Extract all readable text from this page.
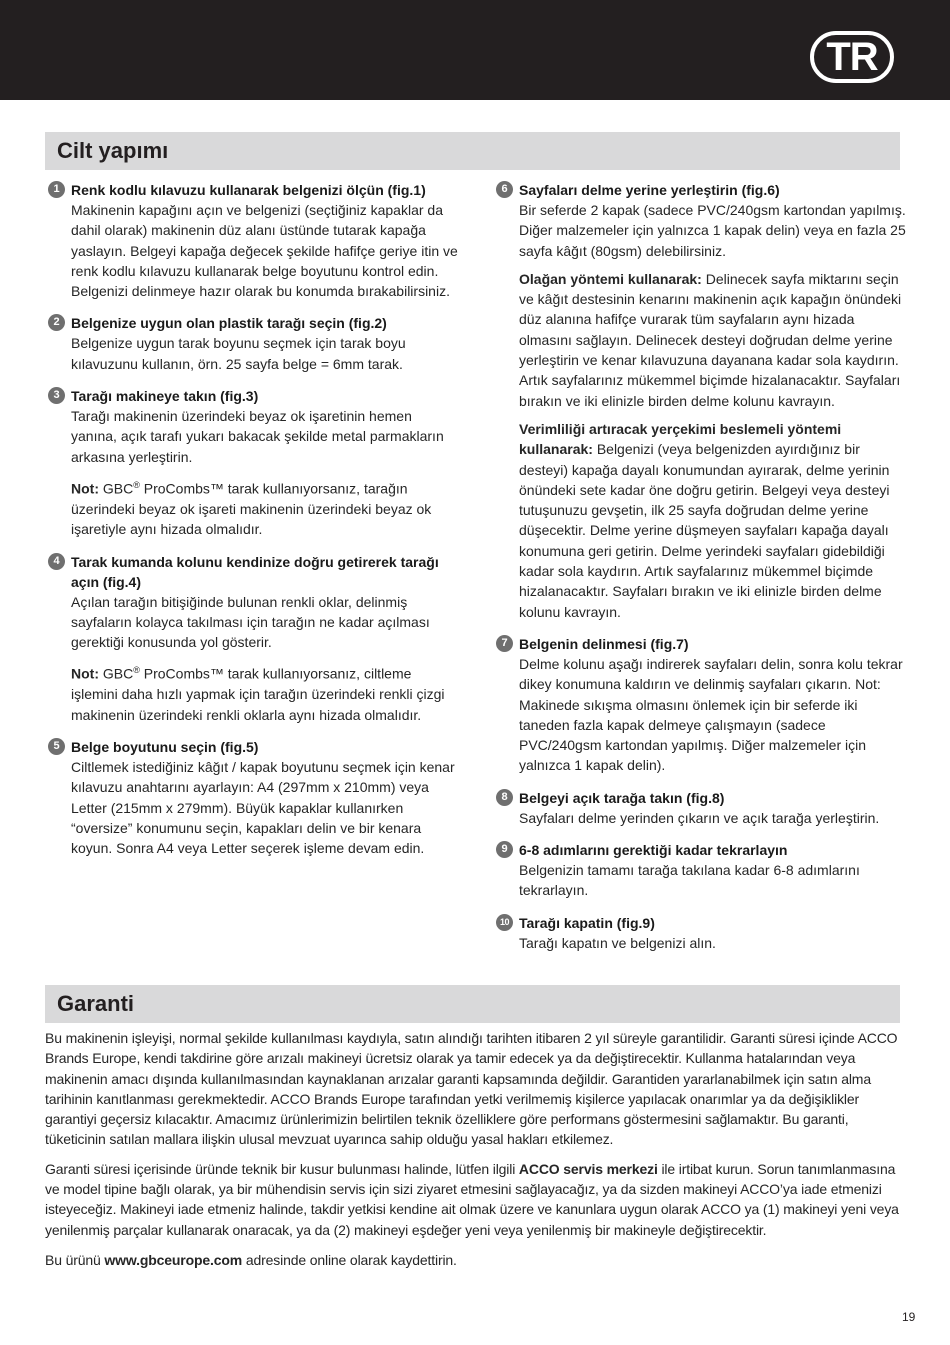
TR
Cilt yapımı
1 Renk kodlu kılavuzu kullanarak belgenizi ölçün (fig.1)
Makinenin kapağını açın ve belgenizi (seçtiğiniz kapaklar da dahil olarak) makinenin düz alanı üstünde tutarak kapağa yaslayın. Belgeyi kapağa değecek şekilde hafifçe geriye itin ve renk kodlu kılavuzu kullanarak belge boyutunu kontrol edin. Belgenizi delinmeye hazır olarak bu konumda bırakabilirsiniz.
2 Belgenize uygun olan plastik tarağı seçin (fig.2)
Belgenize uygun tarak boyunu seçmek için tarak boyu kılavuzunu kullanın, örn. 25 sayfa belge = 6mm tarak.
3 Tarağı makineye takın (fig.3)
Tarağı makinenin üzerindeki beyaz ok işaretinin hemen yanına, açık tarafı yukarı bakacak şekilde metal parmakların arkasına yerleştirin.
Not: GBC® ProCombs™ tarak kullanıyorsanız, tarağın üzerindeki beyaz ok işareti makinenin üzerindeki beyaz ok işaretiyle aynı hizada olmalıdır.
4 Tarak kumanda kolunu kendinize doğru getirerek tarağı açın (fig.4)
Açılan tarağın bitişiğinde bulunan renkli oklar, delinmiş sayfaların kolayca takılması için tarağın ne kadar açılması gerektiği konusunda yol gösterir.
Not: GBC® ProCombs™ tarak kullanıyorsanız, ciltleme işlemini daha hızlı yapmak için tarağın üzerindeki renkli çizgi makinenin üzerindeki renkli oklarla aynı hizada olmalıdır.
5 Belge boyutunu seçin (fig.5)
Ciltlemek istediğiniz kâğıt / kapak boyutunu seçmek için kenar kılavuzu anahtarını ayarlayın: A4 (297mm x 210mm) veya Letter (215mm x 279mm). Büyük kapaklar kullanırken “oversize” konumunu seçin, kapakları delin ve bir kenara koyun. Sonra A4 veya Letter seçerek işleme devam edin.
6 Sayfaları delme yerine yerleştirin (fig.6)
Bir seferde 2 kapak (sadece PVC/240gsm kartondan yapılmış. Diğer malzemeler için yalnızca 1 kapak delin) veya en fazla 25 sayfa kâğıt (80gsm) delebilirsiniz.
Olağan yöntemi kullanarak: Delinecek sayfa miktarını seçin ve kâğıt destesinin kenarını makinenin açık kapağın önündeki düz alanına hafifçe vurarak tüm sayfaların aynı hizada olmasını sağlayın. Delinecek desteyi doğrudan delme yerine yerleştirin ve kenar kılavuzuna dayanana kadar sola kaydırın. Artık sayfalarınız mükemmel biçimde hizalanacaktır. Sayfaları bırakın ve iki elinizle birden delme kolunu kavrayın.
Verimliliği artıracak yerçekimi beslemeli yöntemi kullanarak: Belgenizi (veya belgenizden ayırdığınız bir desteyi) kapağa dayalı konumundan ayırarak, delme yerinin önündeki sete kadar öne doğru getirin. Belgeyi veya desteyi tutuşunuzu gevşetin, ilk 25 sayfa doğrudan delme yerine düşecektir. Delme yerine düşmeyen sayfaları kapağa dayalı konumuna geri getirin. Delme yerindeki sayfaları gidebildiği kadar sola kaydırın. Artık sayfalarınız mükemmel biçimde hizalanacaktır. Sayfaları bırakın ve iki elinizle birden delme kolunu kavrayın.
7 Belgenin delinmesi (fig.7)
Delme kolunu aşağı indirerek sayfaları delin, sonra kolu tekrar dikey konumuna kaldırın ve delinmiş sayfaları çıkarın. Not: Makinede sıkışma olmasını önlemek için bir seferde iki taneden fazla kapak delmeye çalışmayın (sadece PVC/240gsm kartondan yapılmış. Diğer malzemeler için yalnızca 1 kapak delin).
8 Belgeyi açık tarağa takın (fig.8)
Sayfaları delme yerinden çıkarın ve açık tarağa yerleştirin.
9 6-8 adımlarını gerektiği kadar tekrarlayın
Belgenizin tamamı tarağa takılana kadar 6-8 adımlarını tekrarlayın.
10 Tarağı kapatin (fig.9)
Tarağı kapatın ve belgenizi alın.
Garanti
Bu makinenin işleyişi, normal şekilde kullanılması kaydıyla, satın alındığı tarihten itibaren 2 yıl süreyle garantilidir. Garanti süresi içinde ACCO Brands Europe, kendi takdirine göre arızalı makineyi ücretsiz olarak ya tamir edecek ya da değiştirecektir. Kullanma hatalarından veya makinenin amacı dışında kullanılmasından kaynaklanan arızalar garanti kapsamında değildir. Garantiden yararlanabilmek için satın alma tarihinin kanıtlanması gerekmektedir. ACCO Brands Europe tarafından yetki verilmemiş kişilerce yapılacak onarımlar ya da değişiklikler garantiyi geçersiz kılacaktır. Amacımız ürünlerimizin belirtilen teknik özelliklere göre performans göstermesini sağlamaktır. Bu garanti, tüketicinin satılan mallara ilişkin ulusal mevzuat uyarınca sahip olduğu yasal hakları etkilemez.
Garanti süresi içerisinde üründe teknik bir kusur bulunması halinde, lütfen ilgili ACCO servis merkezi ile irtibat kurun. Sorun tanımlanmasına ve model tipine bağlı olarak, ya bir mühendisin servis için sizi ziyaret etmesini sağlayacağız, ya da sizden makineyi ACCO’ya iade etmenizi isteyeceğiz. Makineyi iade etmeniz halinde, takdir yetkisi kendine ait olmak üzere ve kanunlara uygun olarak ACCO ya (1) makineyi yeni veya yenilenmiş parçalar kullanarak onaracak, ya da (2) makineyi eşdeğer yeni veya yenilenmiş bir makineyle değiştirecektir.
Bu ürünü www.gbceurope.com adresinde online olarak kaydettirin.
19
